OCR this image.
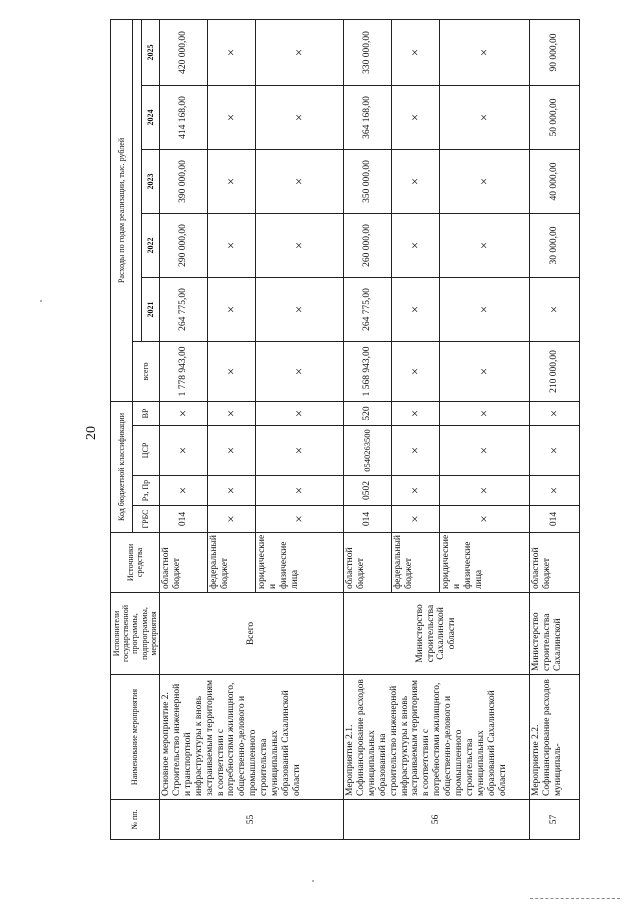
20
№ пп.	Наименование мероприятия	Исполнители государственной программы, подпрограммы, мероприятия	Источники средства	Код бюджетной классификации				Расходы по годам реализации, тыс. рублей					
				ГРБС	Рз, Пр	ЦСР	ВР	всего					
									2021	2022	2023	2024	2025
55	Основное мероприятие 2. Строительство инженерной и транспортной инфраструктуры к вновь застраиваемым территориям в соответствии с потребностями жилищного, общественно-делового и промышленного строительства муниципальных образований Сахалинской области	Всего	областной бюджет	014	×	×	×	1 778 943,00	264 775,00	290 000,00	390 000,00	414 168,00	420 000,00
			федеральный бюджет	×	×	×	×	×	×	×	×	×	×
			юридические и физические лица	×	×	×	×	×	×	×	×	×	×
56	Мероприятие 2.1. Софинансирование расходов муниципальных образований на строительство инженерной инфраструктуры к вновь застраиваемым территориям в соответствии с потребностями жилищного, общественно-делового и промышленного строительства муниципальных образований Сахалинской области	Министерство строительства Сахалинской области	областной бюджет	014	0502	0540263500	520	1 568 943,00	264 775,00	260 000,00	350 000,00	364 168,00	330 000,00
			федеральный бюджет	×	×	×	×	×	×	×	×	×	×
			юридические и физические лица	×	×	×	×	×	×	×	×	×	×
57	Мероприятие 2.2. Софинансирование расходов муниципаль-	Министерство строительства Сахалинской	областной бюджет	014	×	×	×	210 000,00	×	30 000,00	40 000,00	50 000,00	90 000,00
